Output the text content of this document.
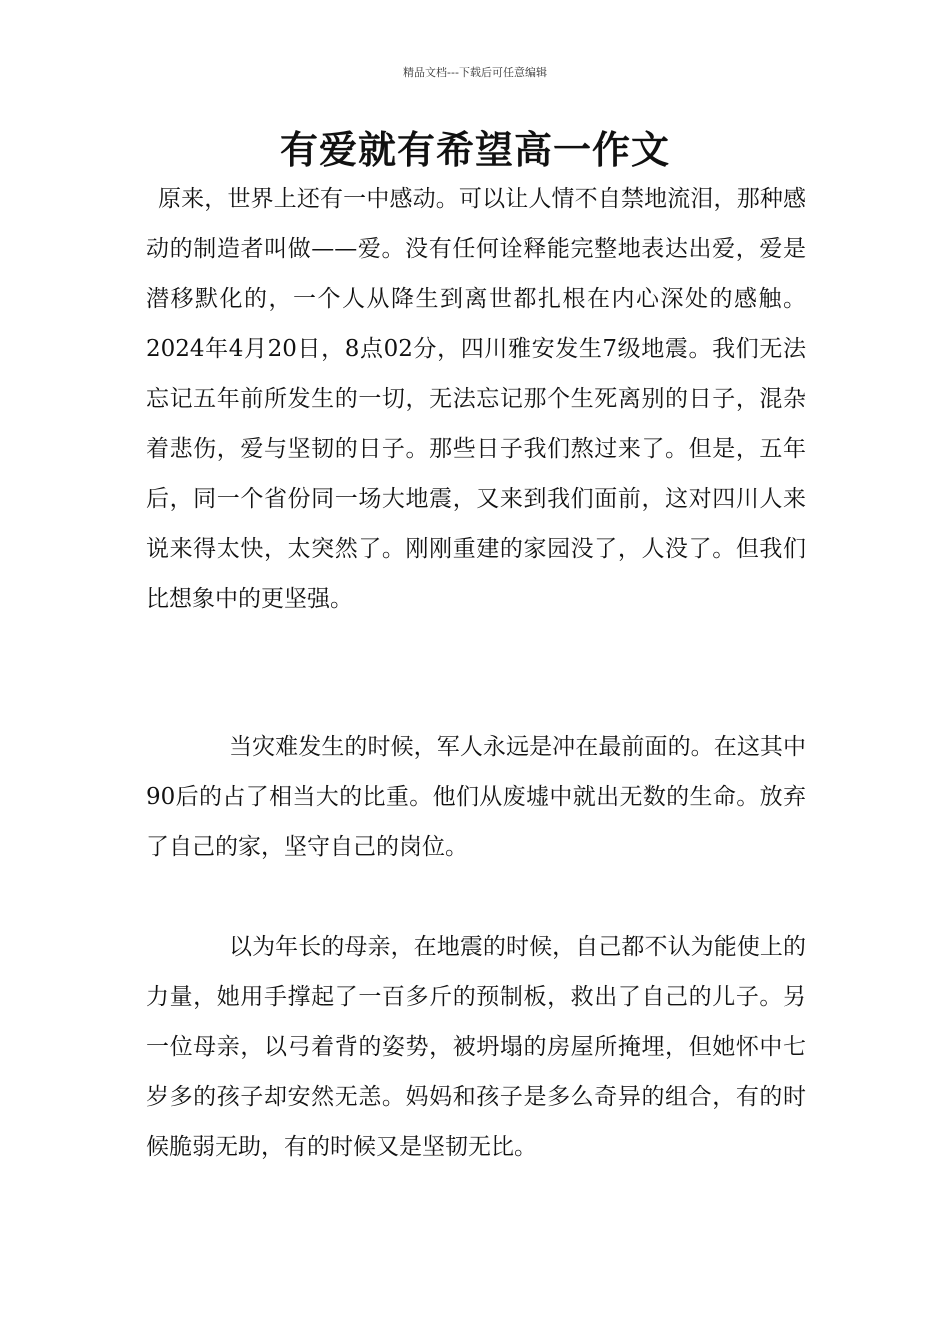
精品文档---下载后可任意编辑
有爱就有希望高一作文

原来，世界上还有一中感动。可以让人情不自禁地流泪，那种感动的制造者叫做——爱。没有任何诠释能完整地表达出爱，爱是潜移默化的，一个人从降生到离世都扎根在内心深处的感触。2024年4月20日，8点02分，四川雅安发生7级地震。我们无法忘记五年前所发生的一切，无法忘记那个生死离别的日子，混杂着悲伤，爱与坚韧的日子。那些日子我们熬过来了。但是，五年后，同一个省份同一场大地震，又来到我们面前，这对四川人来说来得太快，太突然了。刚刚重建的家园没了，人没了。但我们比想象中的更坚强。

当灾难发生的时候，军人永远是冲在最前面的。在这其中90后的占了相当大的比重。他们从废墟中就出无数的生命。放弃了自己的家，坚守自己的岗位。

以为年长的母亲，在地震的时候，自己都不认为能使上的力量，她用手撑起了一百多斤的预制板，救出了自己的儿子。另一位母亲，以弓着背的姿势，被坍塌的房屋所掩埋，但她怀中七岁多的孩子却安然无恙。妈妈和孩子是多么奇异的组合，有的时候脆弱无助，有的时候又是坚韧无比。
